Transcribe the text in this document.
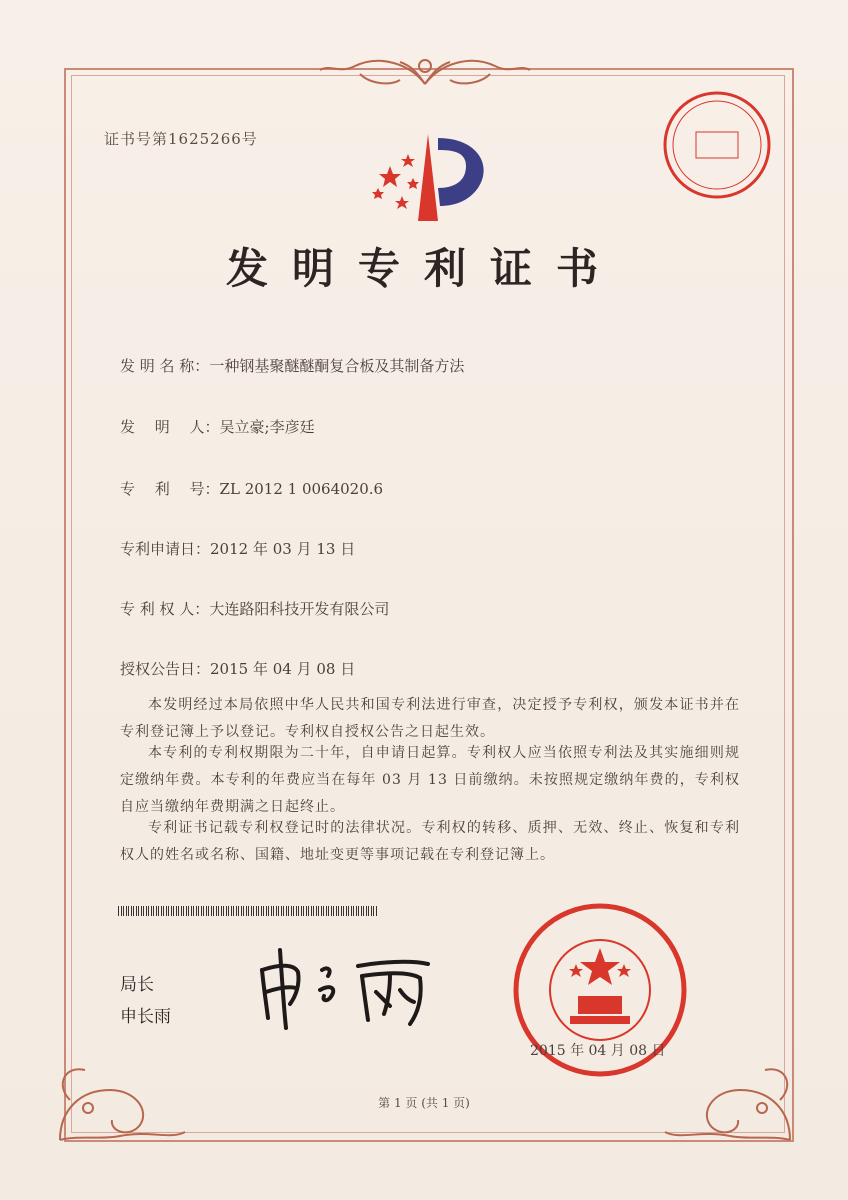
证书号第1625266号
发明专利证书
发 明 名 称：一种钢基聚醚醚酮复合板及其制备方法
发　 明　 人：吴立豪;李彦廷
专　 利　 号：ZL 2012 1 0064020.6
专利申请日：2012 年 03 月 13 日
专 利 权 人：大连路阳科技开发有限公司
授权公告日：2015 年 04 月 08 日
本发明经过本局依照中华人民共和国专利法进行审查，决定授予专利权，颁发本证书并在专利登记簿上予以登记。专利权自授权公告之日起生效。
本专利的专利权期限为二十年，自申请日起算。专利权人应当依照专利法及其实施细则规定缴纳年费。本专利的年费应当在每年 03 月 13 日前缴纳。未按照规定缴纳年费的，专利权自应当缴纳年费期满之日起终止。
专利证书记载专利权登记时的法律状况。专利权的转移、质押、无效、终止、恢复和专利权人的姓名或名称、国籍、地址变更等事项记载在专利登记簿上。
局长
申长雨
2015 年 04 月 08 日
第 1 页 (共 1 页)
